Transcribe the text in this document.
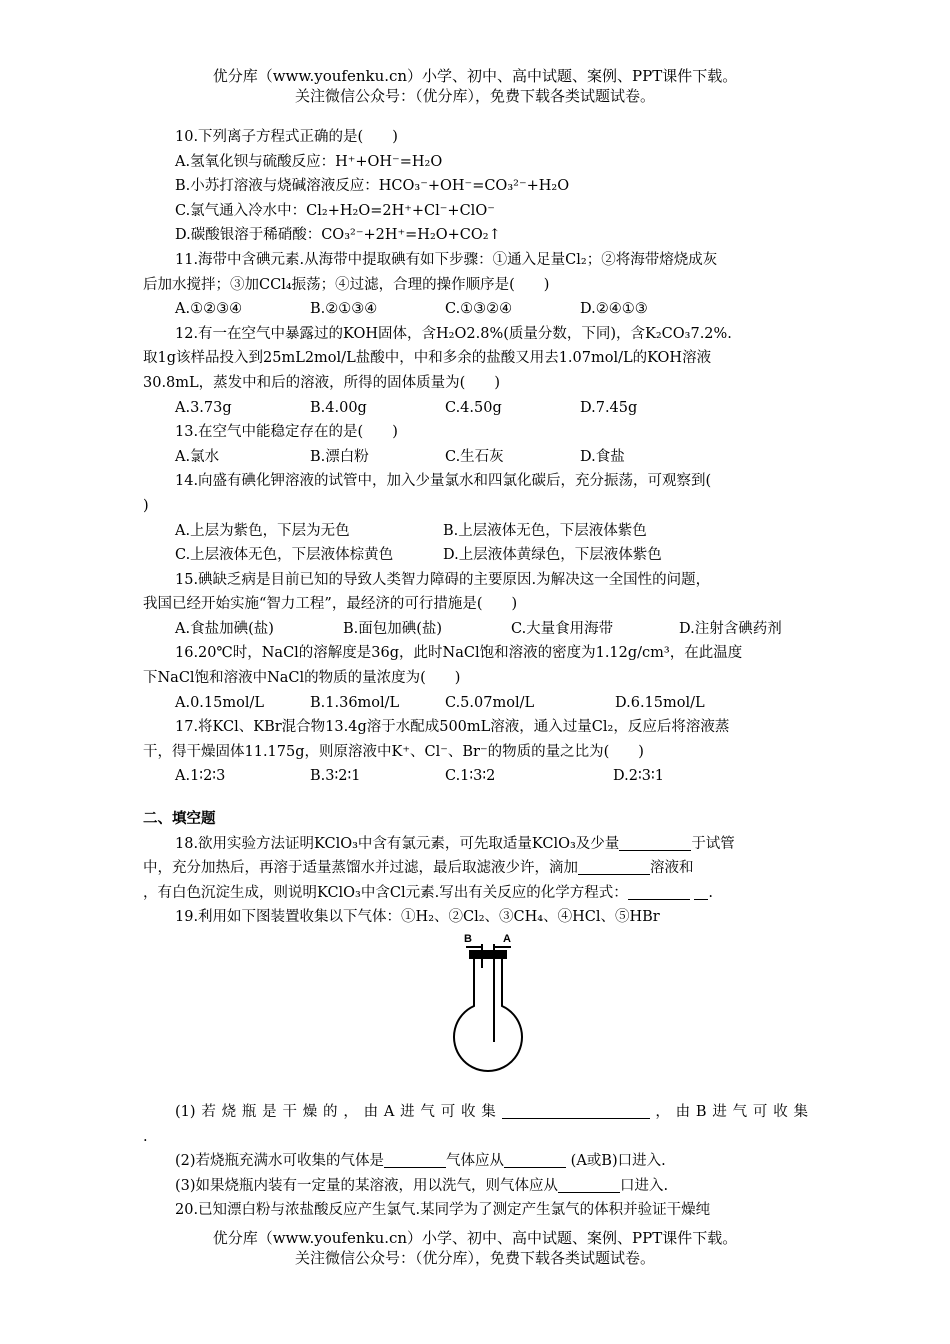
优分库（www.youfenku.cn）小学、初中、高中试题、案例、PPT课件下载。
关注微信公众号：（优分库），免费下载各类试题试卷。
10.下列离子方程式正确的是(　　)
A.氢氧化钡与硫酸反应：H⁺+OH⁻=H₂O
B.小苏打溶液与烧碱溶液反应：HCO₃⁻+OH⁻=CO₃²⁻+H₂O
C.氯气通入冷水中：Cl₂+H₂O=2H⁺+Cl⁻+ClO⁻
D.碳酸银溶于稀硝酸：CO₃²⁻+2H⁺=H₂O+CO₂↑
11.海带中含碘元素.从海带中提取碘有如下步骤：①通入足量Cl₂；②将海带熔烧成灰
后加水搅拌；③加CCl₄振荡；④过滤，合理的操作顺序是(　　)
A.①②③④	B.②①③④	C.①③②④	D.②④①③
12.有一在空气中暴露过的KOH固体，含H₂O2.8%(质量分数，下同)，含K₂CO₃7.2%.
取1g该样品投入到25mL2mol/L盐酸中，中和多余的盐酸又用去1.07mol/L的KOH溶液
30.8mL，蒸发中和后的溶液，所得的固体质量为(　　)
A.3.73g	B.4.00g	C.4.50g	D.7.45g
13.在空气中能稳定存在的是(　　)
A.氯水	B.漂白粉	C.生石灰	D.食盐
14.向盛有碘化钾溶液的试管中，加入少量氯水和四氯化碳后，充分振荡，可观察到(
)
A.上层为紫色，下层为无色	B.上层液体无色，下层液体紫色
C.上层液体无色，下层液体棕黄色	D.上层液体黄绿色，下层液体紫色
15.碘缺乏病是目前已知的导致人类智力障碍的主要原因.为解决这一全国性的问题，
我国已经开始实施“智力工程”，最经济的可行措施是(　　)
A.食盐加碘(盐)	B.面包加碘(盐)	C.大量食用海带	D.注射含碘药剂
16.20℃时，NaCl的溶解度是36g，此时NaCl饱和溶液的密度为1.12g/cm³，在此温度
下NaCl饱和溶液中NaCl的物质的量浓度为(　　)
A.0.15mol/L	B.1.36mol/L	C.5.07mol/L	D.6.15mol/L
17.将KCl、KBr混合物13.4g溶于水配成500mL溶液，通入过量Cl₂，反应后将溶液蒸
干，得干燥固体11.175g，则原溶液中K⁺、Cl⁻、Br⁻的物质的量之比为(　　)
A.1∶2∶3	B.3∶2∶1	C.1∶3∶2	D.2∶3∶1
二、填空题
18.欲用实验方法证明KClO₃中含有氯元素，可先取适量KClO₃及少量	于试管
中，充分加热后，再溶于适量蒸馏水并过滤，最后取滤液少许，滴加	溶液和
，有白色沉淀生成，则说明KClO₃中含Cl元素.写出有关反应的化学方程式：	.
19.利用如下图装置收集以下气体：①H₂、②Cl₂、③CH₄、④HCl、⑤HBr
B	A
(1)若烧瓶是干燥的，由A进气可收集	，由B进气可收集
.
(2)若烧瓶充满水可收集的气体是	气体应从	(A或B)口进入.
(3)如果烧瓶内装有一定量的某溶液，用以洗气，则气体应从	口进入.
20.已知漂白粉与浓盐酸反应产生氯气.某同学为了测定产生氯气的体积并验证干燥纯
优分库（www.youfenku.cn）小学、初中、高中试题、案例、PPT课件下载。
关注微信公众号：（优分库），免费下载各类试题试卷。
